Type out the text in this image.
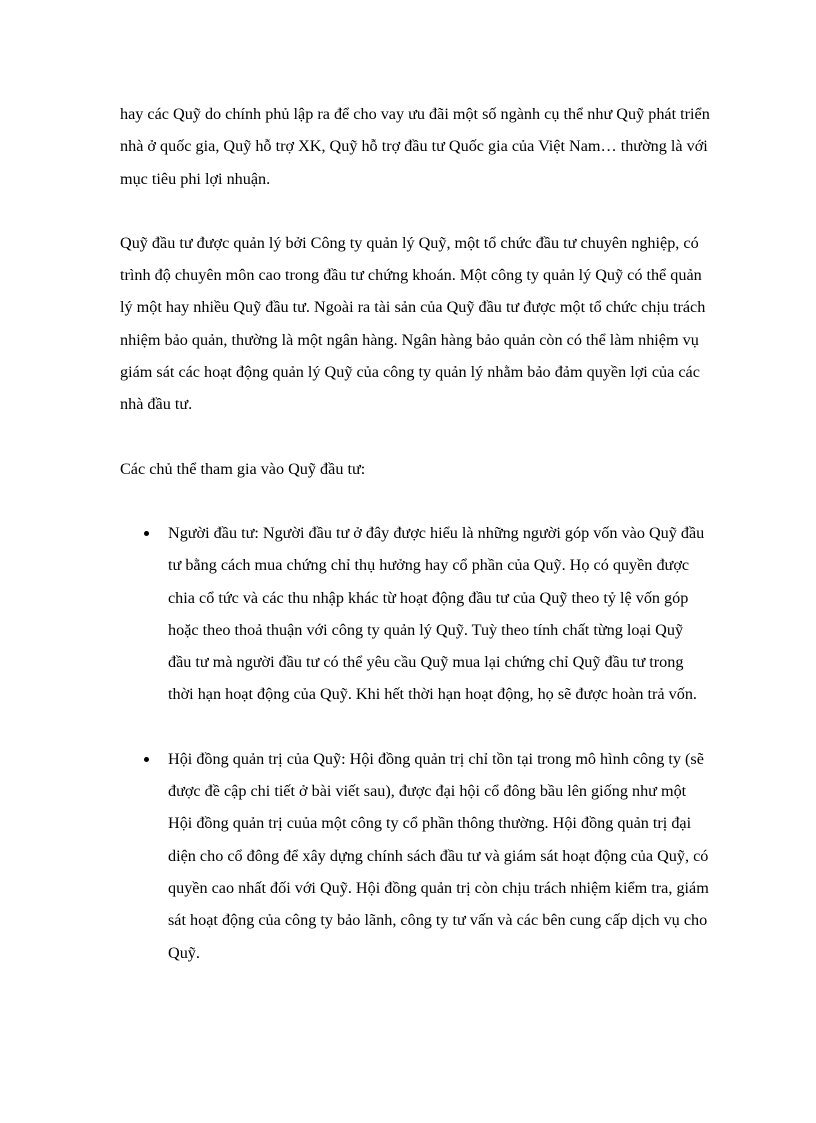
hay các Quỹ do chính phủ lập ra để cho vay ưu đãi một số ngành cụ thể như Quỹ phát triển nhà ở quốc gia, Quỹ hỗ trợ XK, Quỹ hỗ trợ đầu tư Quốc gia của Việt Nam… thường là với mục tiêu phi lợi nhuận.

Quỹ đầu tư được quản lý bởi Công ty quản lý Quỹ, một tổ chức đầu tư chuyên nghiệp, có trình độ chuyên môn cao trong đầu tư chứng khoán. Một công ty quản lý Quỹ có thể quản lý một hay nhiều Quỹ đầu tư. Ngoài ra tài sản của Quỹ đầu tư được một tổ chức chịu trách nhiệm bảo quản, thường là một ngân hàng. Ngân hàng bảo quản còn có thể làm nhiệm vụ giám sát các hoạt động quản lý Quỹ của công ty quản lý nhằm bảo đảm quyền lợi của các nhà đầu tư.

Các chủ thể tham gia vào Quỹ đầu tư:

Người đầu tư: Người đầu tư ở đây được hiểu là những người góp vốn vào Quỹ đầu tư bằng cách mua chứng chỉ thụ hưởng hay cổ phần của Quỹ. Họ có quyền được chia cổ tức và các thu nhập khác từ hoạt động đầu tư của Quỹ theo tỷ lệ vốn góp hoặc theo thoả thuận với công ty quản lý Quỹ. Tuỳ theo tính chất từng loại Quỹ đầu tư mà người đầu tư có thể yêu cầu Quỹ mua lại chứng chỉ Quỹ đầu tư trong thời hạn hoạt động của Quỹ. Khi hết thời hạn hoạt động, họ sẽ được hoàn trả vốn.
Hội đồng quản trị của Quỹ: Hội đồng quản trị chỉ tồn tại trong mô hình công ty (sẽ được đề cập chi tiết ở bài viết sau), được đại hội cổ đông bầu lên giống như một Hội đồng quản trị cuủa một công ty cổ phần thông thường. Hội đồng quản trị đại diện cho cổ đông để xây dựng chính sách đầu tư và giám sát hoạt động của Quỹ, có quyền cao nhất đối với Quỹ. Hội đồng quản trị còn chịu trách nhiệm kiểm tra, giám sát hoạt động của công ty bảo lãnh, công ty tư vấn và các bên cung cấp dịch vụ cho Quỹ.
